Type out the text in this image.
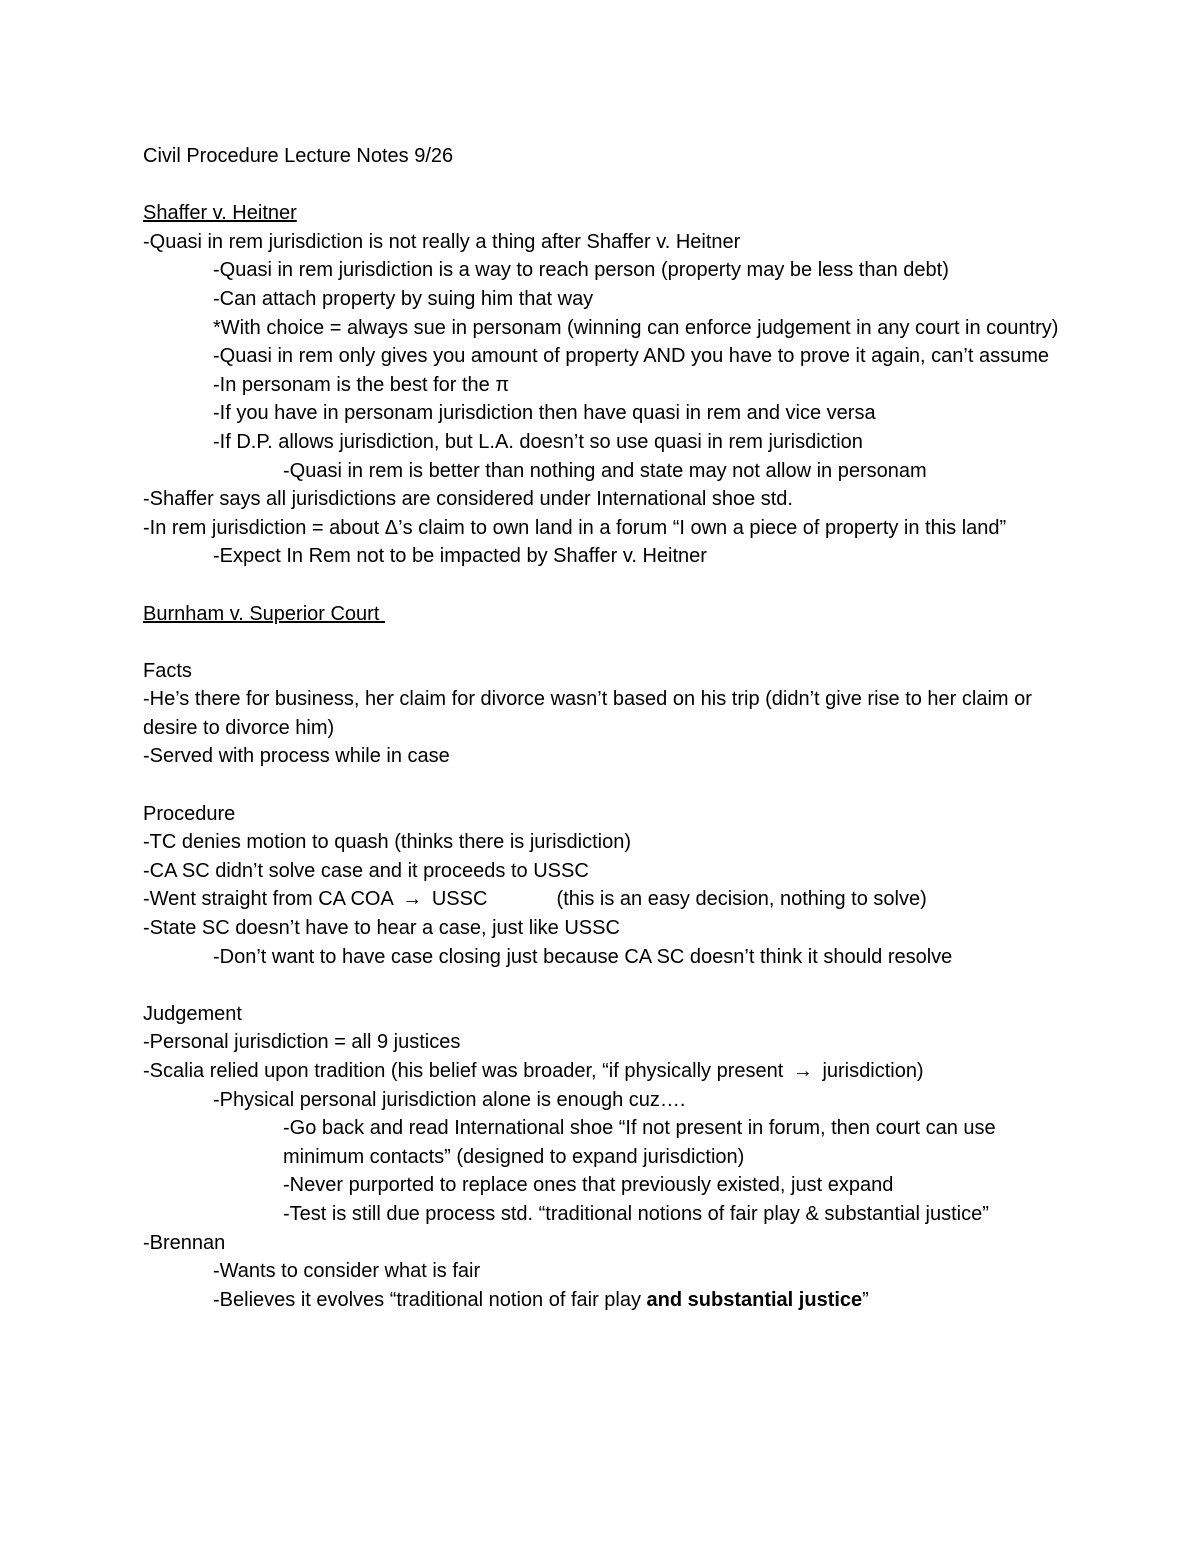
Civil Procedure Lecture Notes 9/26

Shaffer v. Heitner

-Quasi in rem jurisdiction is not really a thing after Shaffer v. Heitner

-Quasi in rem jurisdiction is a way to reach person (property may be less than debt)

-Can attach property by suing him that way

*With choice = always sue in personam (winning can enforce judgement in any court in country)

-Quasi in rem only gives you amount of property AND you have to prove it again, can’t assume

-In personam is the best for the π

-If you have in personam jurisdiction then have quasi in rem and vice versa

-If D.P. allows jurisdiction, but L.A. doesn’t so use quasi in rem jurisdiction

-Quasi in rem is better than nothing and state may not allow in personam

-Shaffer says all jurisdictions are considered under International shoe std.

-In rem jurisdiction = about Δ’s claim to own land in a forum “I own a piece of property in this land”

-Expect In Rem not to be impacted by Shaffer v. Heitner

Burnham v. Superior Court

Facts

-He’s there for business, her claim for divorce wasn’t based on his trip (didn’t give rise to her claim or desire to divorce him)

-Served with process while in case

Procedure

-TC denies motion to quash (thinks there is jurisdiction)

-CA SC didn’t solve case and it proceeds to USSC

-Went straight from CA COA → USSC	(this is an easy decision, nothing to solve)

-State SC doesn’t have to hear a case, just like USSC

-Don’t want to have case closing just because CA SC doesn’t think it should resolve

Judgement

-Personal jurisdiction = all 9 justices

-Scalia relied upon tradition (his belief was broader, “if physically present → jurisdiction)

-Physical personal jurisdiction alone is enough cuz….

-Go back and read International shoe “If not present in forum, then court can use minimum contacts” (designed to expand jurisdiction)

-Never purported to replace ones that previously existed, just expand

-Test is still due process std. “traditional notions of fair play & substantial justice”

-Brennan

-Wants to consider what is fair

-Believes it evolves “traditional notion of fair play and substantial justice”
